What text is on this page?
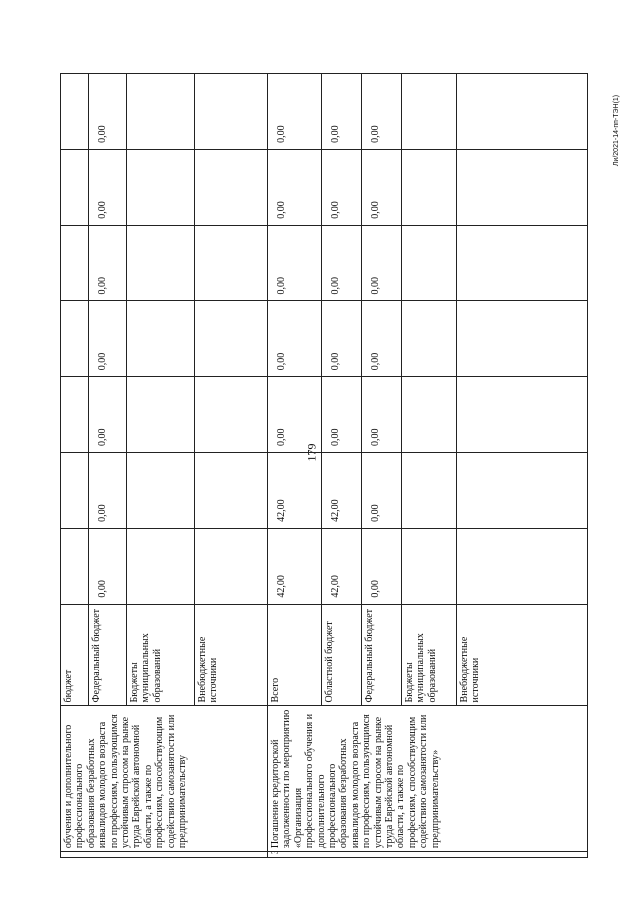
179
Ли/2021-14-пп-ТЭН(1)
	обучения и дополнительного профессионального образования безработных инвалидов молодого возраста по профессиям, пользующимся устойчивым спросом на рынке труда Еврейской автономной области, а также по профессиям, способствующим содействию самозанятости или предпринимательству	бюджет							
		Федеральный бюджет	0,00	0,00	0,00	0,00	0,00	0,00	0,00
		Бюджеты муниципальных образований							
		Внебюджетные источники							
	Погашение кредиторской задолженности по мероприятию «Организация профессионального обучения и дополнительного профессионального образования безработных инвалидов молодого возраста по профессиям, пользующимся устойчивым спросом на рынке труда Еврейской автономной области, а также по профессиям, способствующим содействию самозанятости или предпринимательству»	Всего	42,00	42,00	0,00	0,00	0,00	0,00	0,00
		Областной бюджет	42,00	42,00	0,00	0,00	0,00	0,00	0,00
		Федеральный бюджет	0,00	0,00	0,00	0,00	0,00	0,00	0,00
		Бюджеты муниципальных образований							
		Внебюджетные источники							
